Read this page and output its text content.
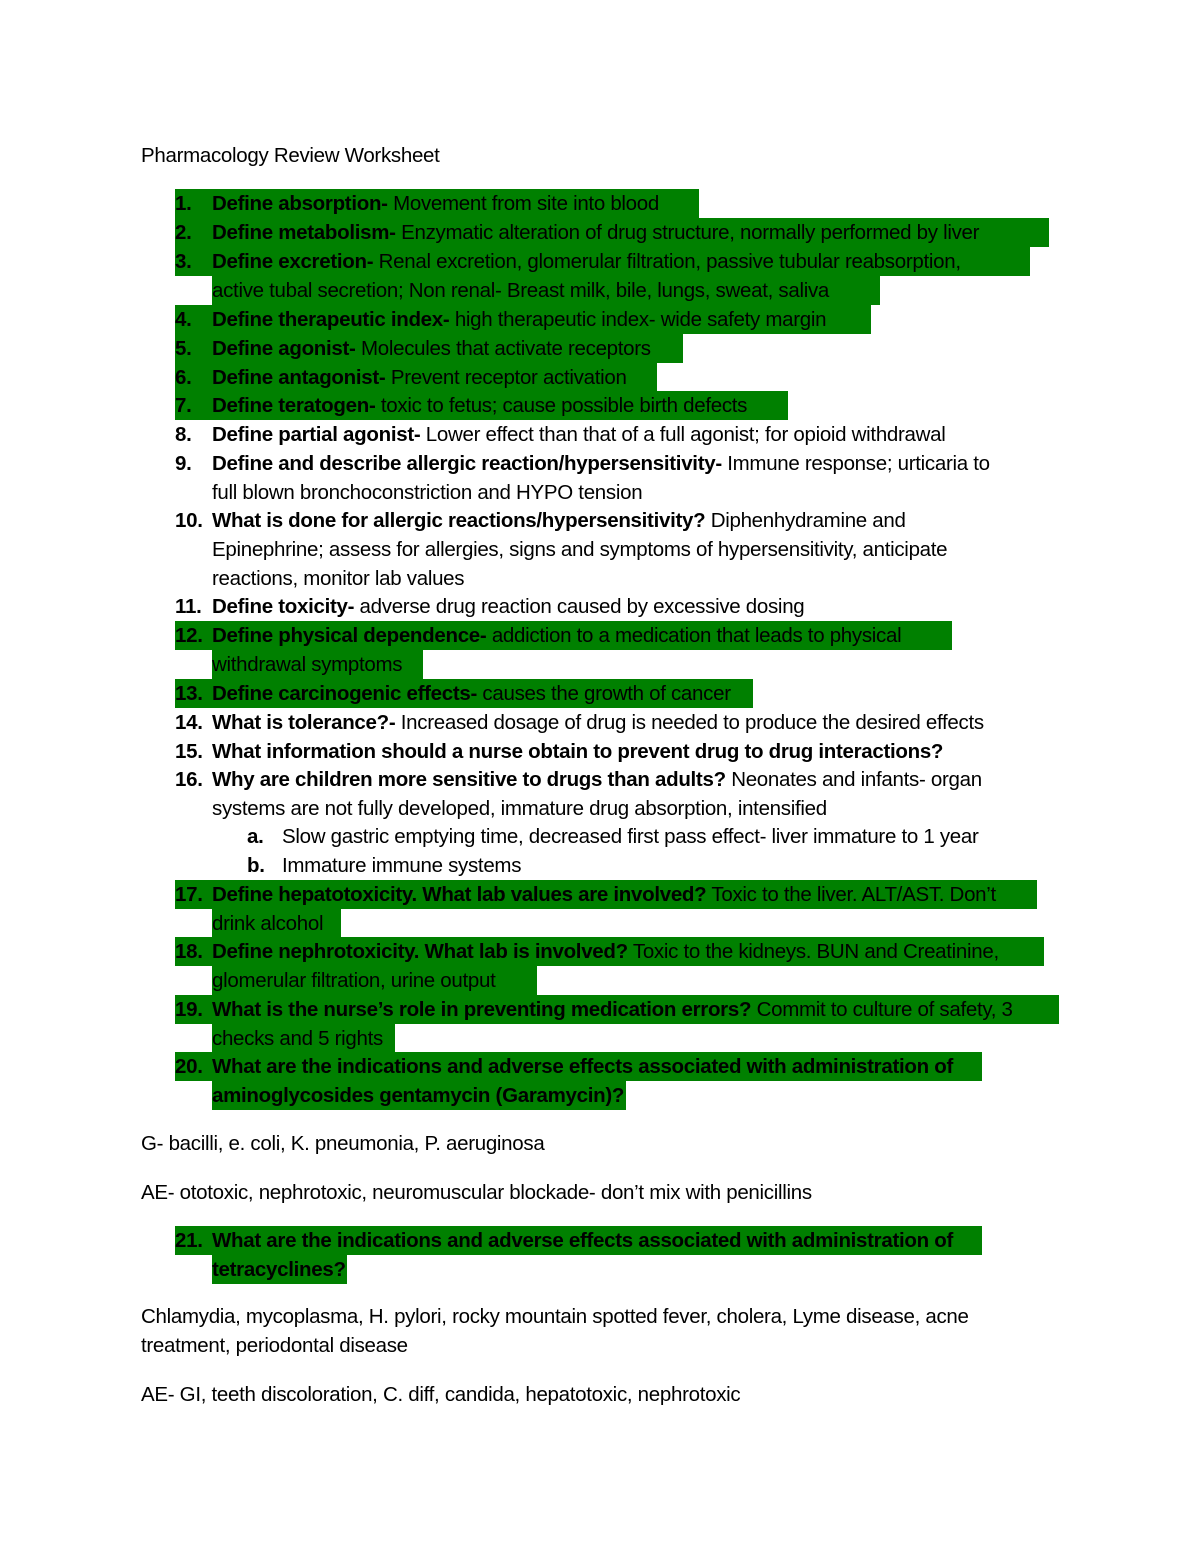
Pharmacology Review Worksheet
1.	Define absorption- Movement from site into blood
2.	Define metabolism- Enzymatic alteration of drug structure, normally performed by liver
3.	Define excretion- Renal excretion, glomerular filtration, passive tubular reabsorption,
active tubal secretion; Non renal- Breast milk, bile, lungs, sweat, saliva
4.	Define therapeutic index- high therapeutic index- wide safety margin
5.	Define agonist- Molecules that activate receptors
6.	Define antagonist- Prevent receptor activation
7.	Define teratogen- toxic to fetus; cause possible birth defects
8.	Define partial agonist- Lower effect than that of a full agonist; for opioid withdrawal
9.	Define and describe allergic reaction/hypersensitivity- Immune response; urticaria to
full blown bronchoconstriction and HYPO tension
10. What is done for allergic reactions/hypersensitivity? Diphenhydramine and
Epinephrine; assess for allergies, signs and symptoms of hypersensitivity, anticipate
reactions, monitor lab values
11. Define toxicity- adverse drug reaction caused by excessive dosing
12. Define physical dependence- addiction to a medication that leads to physical
withdrawal symptoms
13. Define carcinogenic effects- causes the growth of cancer
14. What is tolerance?- Increased dosage of drug is needed to produce the desired effects
15. What information should a nurse obtain to prevent drug to drug interactions?
16. Why are children more sensitive to drugs than adults? Neonates and infants- organ
systems are not fully developed, immature drug absorption, intensified
a. Slow gastric emptying time, decreased first pass effect- liver immature to 1 year
b. Immature immune systems
17. Define hepatotoxicity. What lab values are involved? Toxic to the liver. ALT/AST. Don’t
drink alcohol
18. Define nephrotoxicity. What lab is involved? Toxic to the kidneys. BUN and Creatinine,
glomerular filtration, urine output
19. What is the nurse’s role in preventing medication errors? Commit to culture of safety, 3
checks and 5 rights
20. What are the indications and adverse effects associated with administration of
aminoglycosides gentamycin (Garamycin)?
G- bacilli, e. coli, K. pneumonia, P. aeruginosa
AE- ototoxic, nephrotoxic, neuromuscular blockade- don’t mix with penicillins
21. What are the indications and adverse effects associated with administration of
tetracyclines?
Chlamydia, mycoplasma, H. pylori, rocky mountain spotted fever, cholera, Lyme disease, acne
treatment, periodontal disease
AE- GI, teeth discoloration, C. diff, candida, hepatotoxic, nephrotoxic
